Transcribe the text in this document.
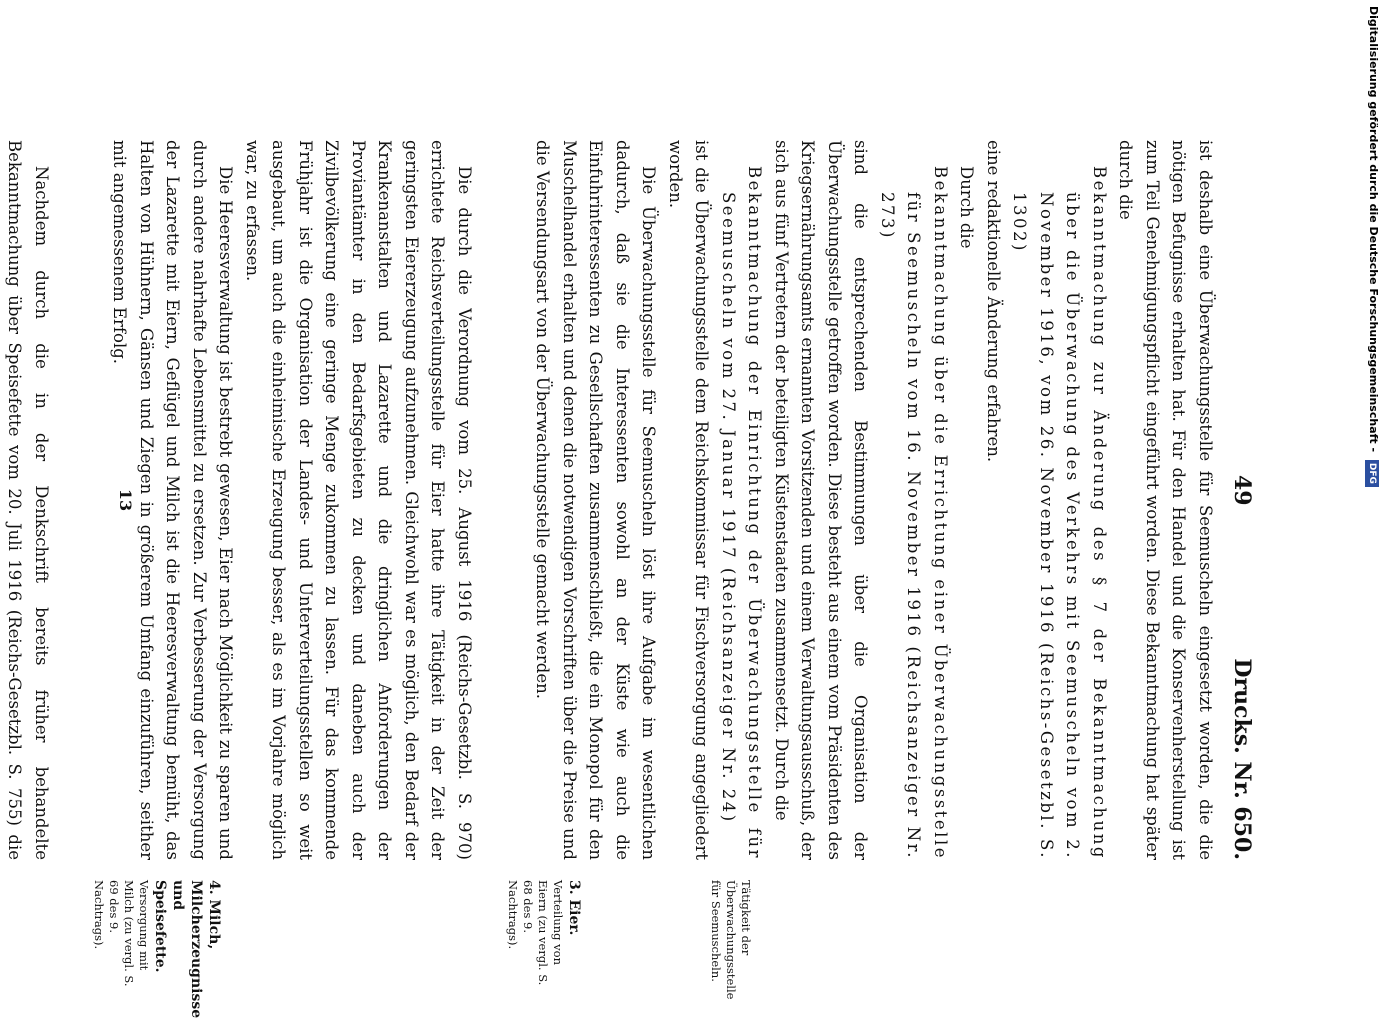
49
Drucks. Nr. 650.

ist deshalb eine Überwachungsstelle für Seemuscheln eingesetzt worden, die die nötigen Befugnisse erhalten hat. Für den Handel und die Konservenherstellung ist zum Teil Genehmigungspflicht eingeführt worden. Diese Bekanntmachung hat später durch die

Bekanntmachung zur Änderung des § 7 der Bekanntmachung über die Überwachung des Verkehrs mit Seemuscheln vom 2. November 1916, vom 26. November 1916 (Reichs-Gesetzbl. S. 1302)

eine redaktionelle Änderung erfahren.

Durch die

Bekanntmachung über die Errichtung einer Überwachungsstelle für Seemuscheln vom 16. November 1916 (Reichsanzeiger Nr. 273)

sind die entsprechenden Bestimmungen über die Organisation der Überwachungsstelle getroffen worden. Diese besteht aus einem vom Präsidenten des Kriegsernährungsamts ernannten Vorsitzenden und einem Verwaltungsausschuß, der sich aus fünf Vertretern der beteiligten Küstenstaaten zusammensetzt. Durch die

Bekanntmachung der Einrichtung der Überwachungsstelle für Seemuscheln vom 27. Januar 1917 (Reichsanzeiger Nr. 24)

ist die Überwachungsstelle dem Reichskommissar für Fischversorgung angegliedert worden.

Die Überwachungsstelle für Seemuscheln löst ihre Aufgabe im wesentlichen dadurch, daß sie die Interessenten sowohl an der Küste wie auch die Einfuhrinteressenten zu Gesellschaften zusammenschließt, die ein Monopol für den Muschelhandel erhalten und denen die notwendigen Vorschriften über die Preise und die Versendungsart von der Überwachungsstelle gemacht werden.

Die durch die Verordnung vom 25. August 1916 (Reichs-Gesetzbl. S. 970) errichtete Reichsverteilungsstelle für Eier hatte ihre Tätigkeit in der Zeit der geringsten Eiererzeugung aufzunehmen. Gleichwohl war es möglich, den Bedarf der Krankenanstalten und Lazarette und die dringlichen Anforderungen der Proviantämter in den Bedarfsgebieten zu decken und daneben auch der Zivilbevölkerung eine geringe Menge zukommen zu lassen. Für das kommende Frühjahr ist die Organisation der Landes- und Unterverteilungsstellen so weit ausgebaut, um auch die einheimische Erzeugung besser, als es im Vorjahre möglich war, zu erfassen.

Die Heeresverwaltung ist bestrebt gewesen, Eier nach Möglichkeit zu sparen und durch andere nahrhafte Lebensmittel zu ersetzen. Zur Verbesserung der Versorgung der Lazarette mit Eiern, Geflügel und Milch ist die Heeresverwaltung bemüht, das Halten von Hühnern, Gänsen und Ziegen in größerem Umfang einzuführen, seither mit angemessenem Erfolg.

Nachdem durch die in der Denkschrift bereits früher behandelte Bekanntmachung über Speisefette vom 20. Juli 1916 (Reichs-Gesetzbl. S. 755) die

Tätigkeit der Überwachungsstelle für Seemuscheln.
3. Eier.
Verteilung von Eiern (zu vergl. S. 68 des 9. Nachtrags).
4. Milch, Milcherzeugnisse und Speisefette.
Versorgung mit Milch (zu vergl. S. 69 des 9. Nachtrags).
13
Digitalisierung gefördert durch die Deutsche Forschungsgemeinschaft - DFG
